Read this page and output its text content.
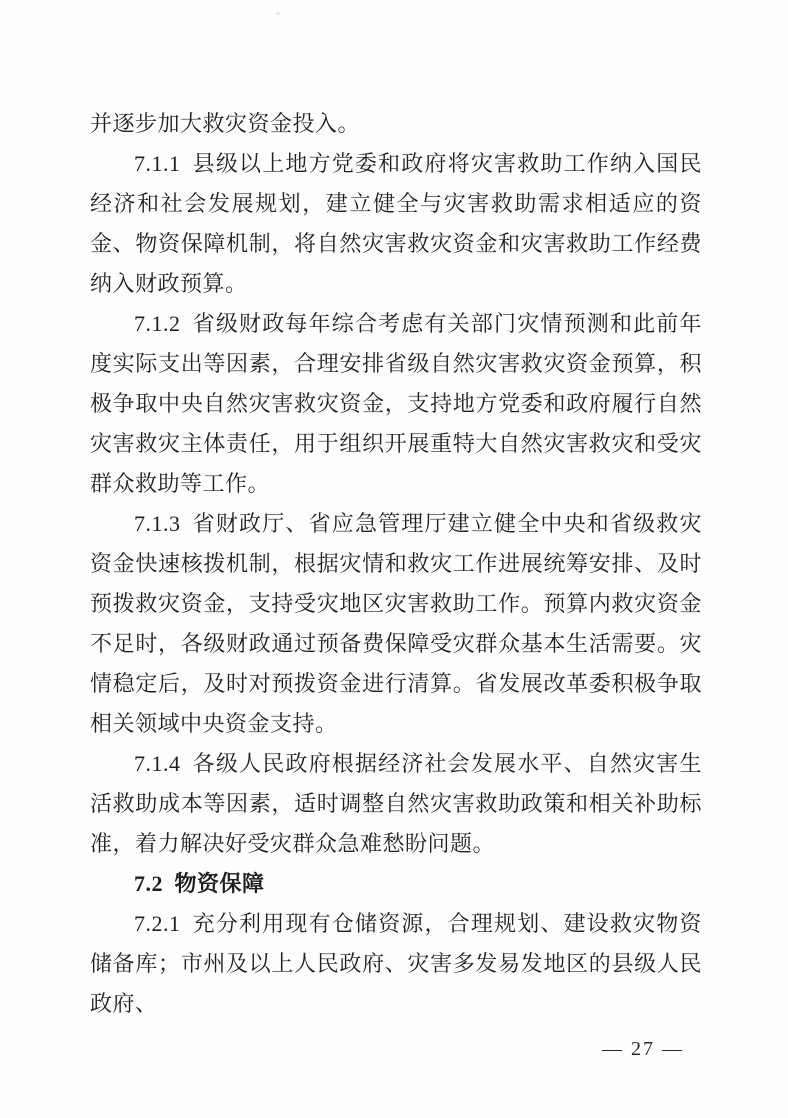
并逐步加大救灾资金投入。

7.1.1 县级以上地方党委和政府将灾害救助工作纳入国民经济和社会发展规划，建立健全与灾害救助需求相适应的资金、物资保障机制，将自然灾害救灾资金和灾害救助工作经费纳入财政预算。

7.1.2 省级财政每年综合考虑有关部门灾情预测和此前年度实际支出等因素，合理安排省级自然灾害救灾资金预算，积极争取中央自然灾害救灾资金，支持地方党委和政府履行自然灾害救灾主体责任，用于组织开展重特大自然灾害救灾和受灾群众救助等工作。

7.1.3 省财政厅、省应急管理厅建立健全中央和省级救灾资金快速核拨机制，根据灾情和救灾工作进展统筹安排、及时预拨救灾资金，支持受灾地区灾害救助工作。预算内救灾资金不足时，各级财政通过预备费保障受灾群众基本生活需要。灾情稳定后，及时对预拨资金进行清算。省发展改革委积极争取相关领域中央资金支持。

7.1.4 各级人民政府根据经济社会发展水平、自然灾害生活救助成本等因素，适时调整自然灾害救助政策和相关补助标准，着力解决好受灾群众急难愁盼问题。

7.2 物资保障

7.2.1 充分利用现有仓储资源，合理规划、建设救灾物资储备库；市州及以上人民政府、灾害多发易发地区的县级人民政府、

— 27 —
